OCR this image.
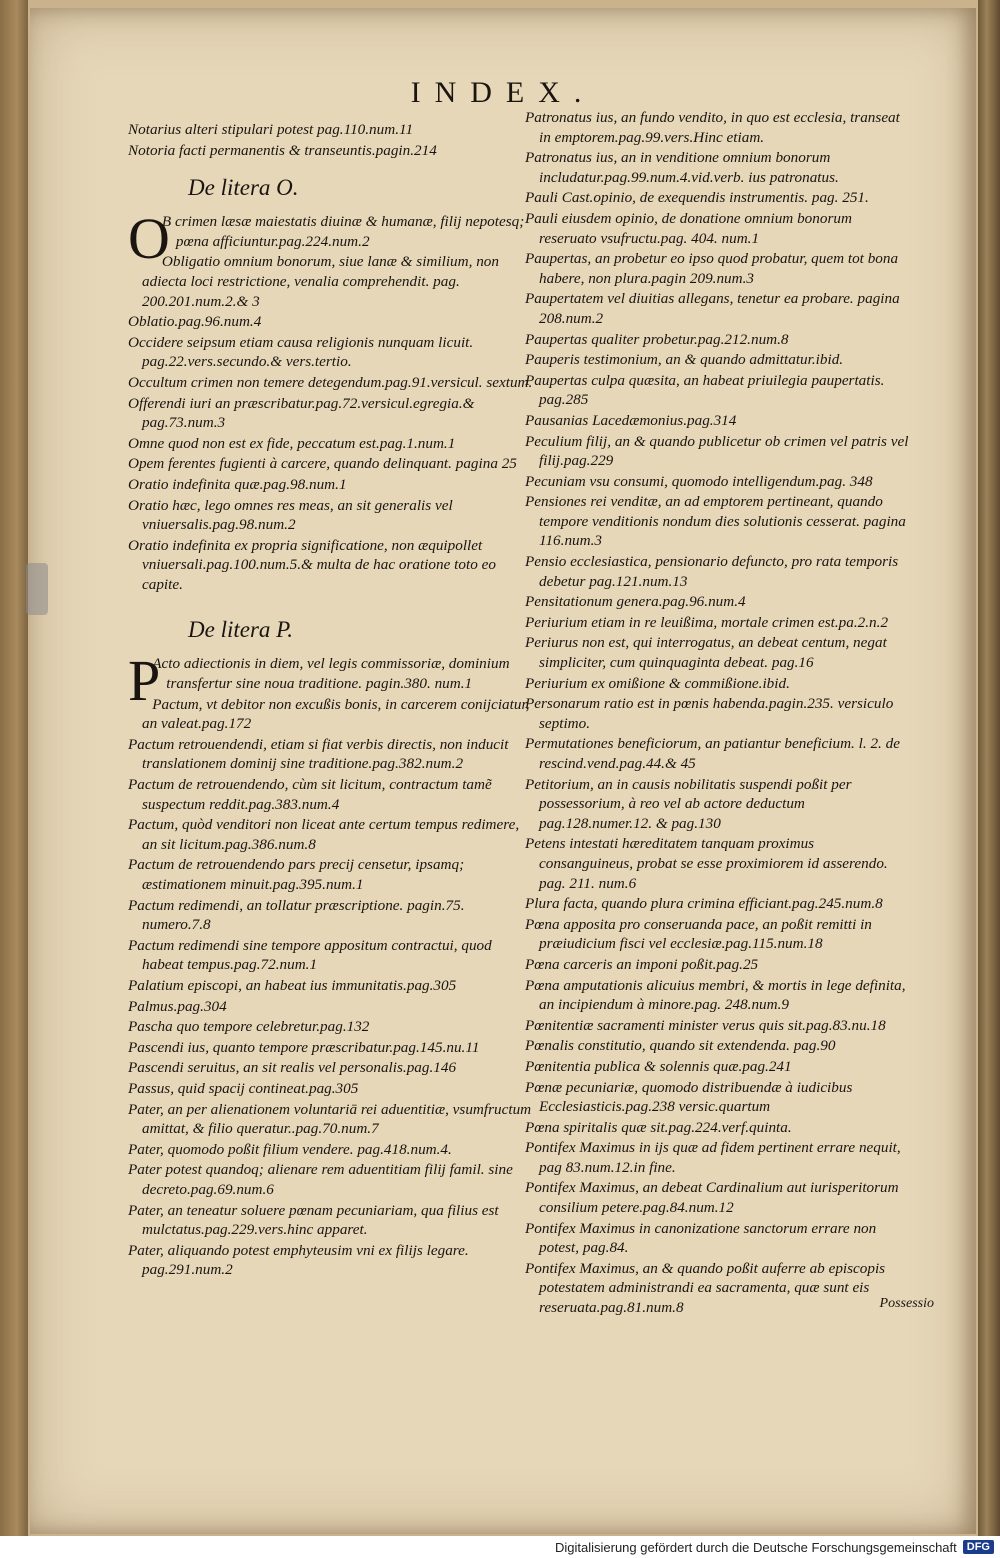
INDEX.
Notarius alteri stipulari potest pag.110.num.11
Notoria facti permanentis & transeuntis.pagin.214
De litera O.
O
B crimen læsæ maiestatis diuinæ & humanæ, filij nepotesq; pœna afficiuntur.pag.224.num.2
Obligatio omnium bonorum, siue lanæ & similium, non adiecta loci restrictione, venalia comprehendit. pag. 200.201.num.2.& 3
Oblatio.pag.96.num.4
Occidere seipsum etiam causa religionis nunquam licuit. pag.22.vers.secundo.& vers.tertio.
Occultum crimen non temere detegendum.pag.91.versicul. sextum.
Offerendi iuri an præscribatur.pag.72.versicul.egregia.& pag.73.num.3
Omne quod non est ex fide, peccatum est.pag.1.num.1
Opem ferentes fugienti à carcere, quando delinquant. pagina 25
Oratio indefinita quæ.pag.98.num.1
Oratio hæc, lego omnes res meas, an sit generalis vel vniuersalis.pag.98.num.2
Oratio indefinita ex propria significatione, non æquipollet vniuersali.pag.100.num.5.& multa de hac oratione toto eo capite.
De litera P.
P
Acto adiectionis in diem, vel legis commissoriæ, dominium transfertur sine noua traditione. pagin.380. num.1
Pactum, vt debitor non excußis bonis, in carcerem conijciatur, an valeat.pag.172
Pactum retrouendendi, etiam si fiat verbis directis, non inducit translationem dominij sine traditione.pag.382.num.2
Pactum de retrouendendo, cùm sit licitum, contractum tamẽ suspectum reddit.pag.383.num.4
Pactum, quòd venditori non liceat ante certum tempus redimere, an sit licitum.pag.386.num.8
Pactum de retrouendendo pars precij censetur, ipsamq; æstimationem minuit.pag.395.num.1
Pactum redimendi, an tollatur præscriptione. pagin.75. numero.7.8
Pactum redimendi sine tempore appositum contractui, quod habeat tempus.pag.72.num.1
Palatium episcopi, an habeat ius immunitatis.pag.305
Palmus.pag.304
Pascha quo tempore celebretur.pag.132
Pascendi ius, quanto tempore præscribatur.pag.145.nu.11
Pascendi seruitus, an sit realis vel personalis.pag.146
Passus, quid spacij contineat.pag.305
Pater, an per alienationem voluntariā rei aduentitiæ, vsumfructum amittat, & filio queratur..pag.70.num.7
Pater, quomodo poßit filium vendere. pag.418.num.4.
Pater potest quandoq; alienare rem aduentitiam filij famil. sine decreto.pag.69.num.6
Pater, an teneatur soluere pœnam pecuniariam, qua filius est mulctatus.pag.229.vers.hinc apparet.
Pater, aliquando potest emphyteusim vni ex filijs legare. pag.291.num.2
Patronatus ius, an fundo vendito, in quo est ecclesia, transeat in emptorem.pag.99.vers.Hinc etiam.
Patronatus ius, an in venditione omnium bonorum includatur.pag.99.num.4.vid.verb. ius patronatus.
Pauli Cast.opinio, de exequendis instrumentis. pag. 251.
Pauli eiusdem opinio, de donatione omnium bonorum reseruato vsufructu.pag. 404. num.1
Paupertas, an probetur eo ipso quod probatur, quem tot bona habere, non plura.pagin 209.num.3
Paupertatem vel diuitias allegans, tenetur ea probare. pagina 208.num.2
Paupertas qualiter probetur.pag.212.num.8
Pauperis testimonium, an & quando admittatur.ibid.
Paupertas culpa quæsita, an habeat priuilegia paupertatis. pag.285
Pausanias Lacedæmonius.pag.314
Peculium filij, an & quando publicetur ob crimen vel patris vel filij.pag.229
Pecuniam vsu consumi, quomodo intelligendum.pag. 348
Pensiones rei venditæ, an ad emptorem pertineant, quando tempore venditionis nondum dies solutionis cesserat. pagina 116.num.3
Pensio ecclesiastica, pensionario defuncto, pro rata temporis debetur pag.121.num.13
Pensitationum genera.pag.96.num.4
Periurium etiam in re leuißima, mortale crimen est.pa.2.n.2
Periurus non est, qui interrogatus, an debeat centum, negat simpliciter, cum quinquaginta debeat. pag.16
Periurium ex omißione & commißione.ibid.
Personarum ratio est in pœnis habenda.pagin.235. versiculo septimo.
Permutationes beneficiorum, an patiantur beneficium. l. 2. de rescind.vend.pag.44.& 45
Petitorium, an in causis nobilitatis suspendi poßit per possessorium, à reo vel ab actore deductum pag.128.numer.12. & pag.130
Petens intestati hæreditatem tanquam proximus consanguineus, probat se esse proximiorem id asserendo. pag. 211. num.6
Plura facta, quando plura crimina efficiant.pag.245.num.8
Pœna apposita pro conseruanda pace, an poßit remitti in præiudicium fisci vel ecclesiæ.pag.115.num.18
Pœna carceris an imponi poßit.pag.25
Pœna amputationis alicuius membri, & mortis in lege definita, an incipiendum à minore.pag. 248.num.9
Pœnitentiæ sacramenti minister verus quis sit.pag.83.nu.18
Pœnalis constitutio, quando sit extendenda. pag.90
Pœnitentia publica & solennis quæ.pag.241
Pœnæ pecuniariæ, quomodo distribuendæ à iudicibus Ecclesiasticis.pag.238 versic.quartum
Pœna spiritalis quæ sit.pag.224.verf.quinta.
Pontifex Maximus in ijs quæ ad fidem pertinent errare nequit, pag 83.num.12.in fine.
Pontifex Maximus, an debeat Cardinalium aut iurisperitorum consilium petere.pag.84.num.12
Pontifex Maximus in canonizatione sanctorum errare non potest, pag.84.
Pontifex Maximus, an & quando poßit auferre ab episcopis potestatem administrandi ea sacramenta, quæ sunt eis reseruata.pag.81.num.8	Possessio
Digitalisierung gefördert durch die Deutsche Forschungsgemeinschaft DFG
